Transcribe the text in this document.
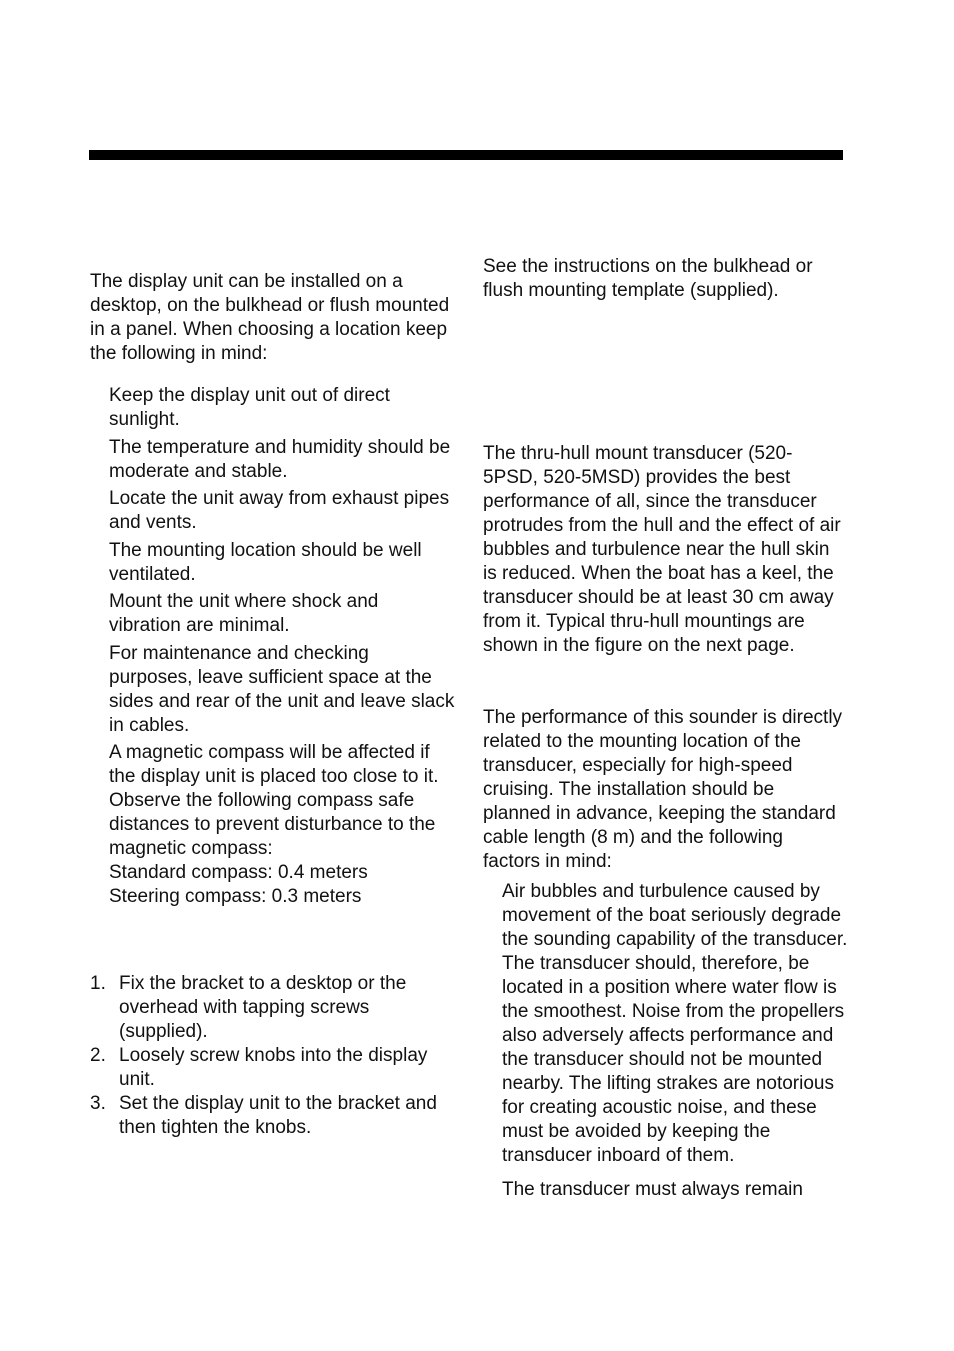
The display unit can be installed on a desktop, on the bulkhead or flush mounted in a panel. When choosing a location keep the following in mind:

Keep the display unit out of direct sunlight.
The temperature and humidity should be moderate and stable.
Locate the unit away from exhaust pipes and vents.
The mounting location should be well ventilated.
Mount the unit where shock and vibration are minimal.
For maintenance and checking purposes, leave sufficient space at the sides and rear of the unit and leave slack in cables.
A magnetic compass will be affected if the display unit is placed too close to it. Observe the following compass safe distances to prevent disturbance to the magnetic compass:
Standard compass: 0.4 meters
Steering compass: 0.3 meters
1. Fix the bracket to a desktop or the overhead with tapping screws (supplied).
2. Loosely screw knobs into the display unit.
3. Set the display unit to the bracket and then tighten the knobs.

See the instructions on the bulkhead or flush mounting template (supplied).

The thru-hull mount transducer (520-5PSD, 520-5MSD) provides the best performance of all, since the transducer protrudes from the hull and the effect of air bubbles and turbulence near the hull skin is reduced. When the boat has a keel, the transducer should be at least 30 cm away from it. Typical thru-hull mountings are shown in the figure on the next page.

The performance of this sounder is directly related to the mounting location of the transducer, especially for high-speed cruising. The installation should be planned in advance, keeping the standard cable length (8 m) and the following factors in mind:

Air bubbles and turbulence caused by movement of the boat seriously degrade the sounding capability of the transducer. The transducer should, therefore, be located in a position where water flow is the smoothest. Noise from the propellers also adversely affects performance and the transducer should not be mounted nearby. The lifting strakes are notorious for creating acoustic noise, and these must be avoided by keeping the transducer inboard of them.
The transducer must always remain
